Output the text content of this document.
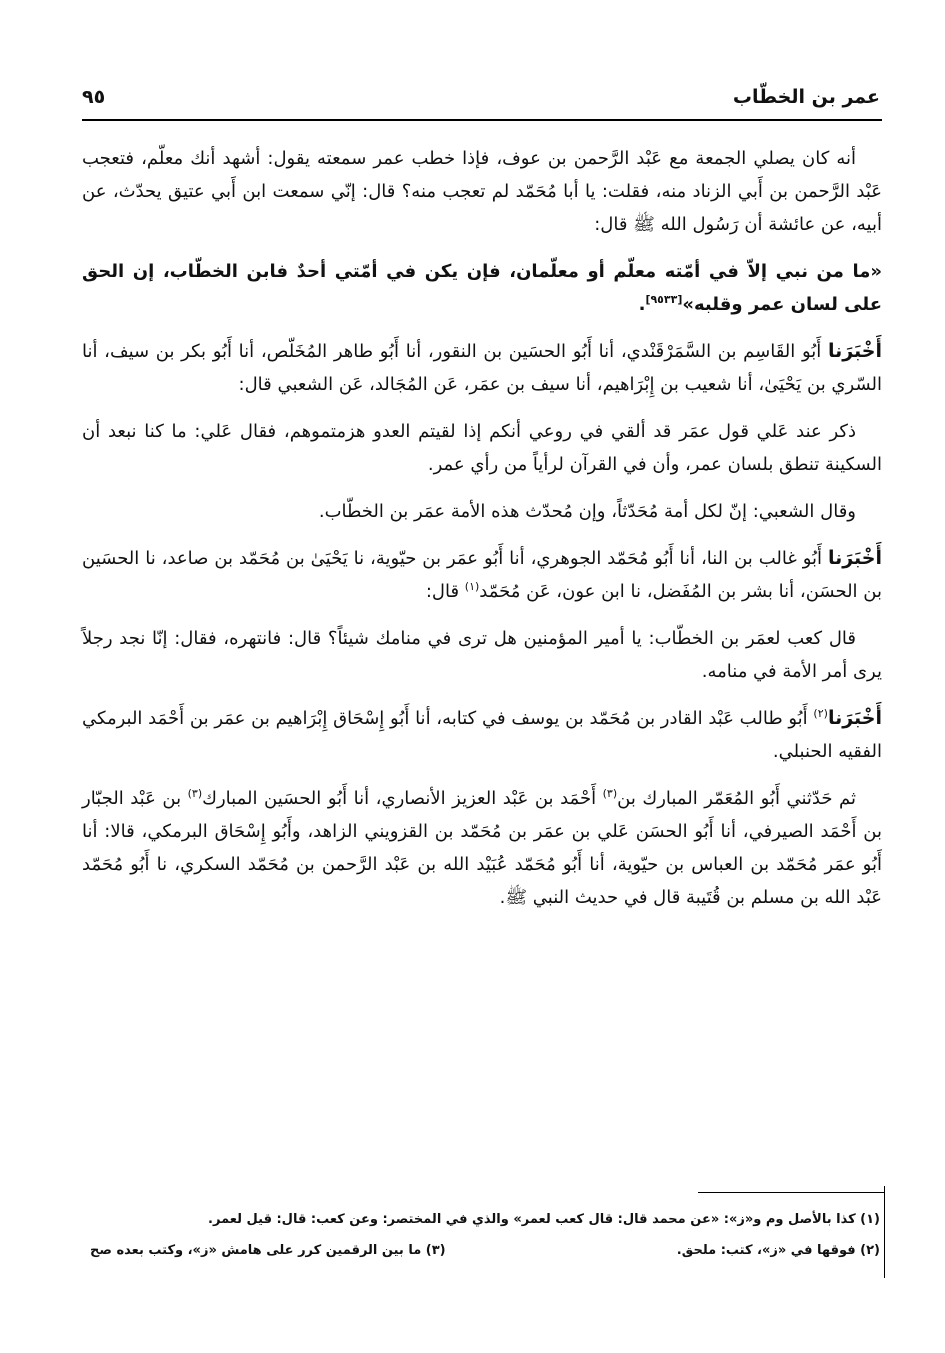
عمر بن الخطّاب
٩٥

أنه كان يصلي الجمعة مع عَبْد الرَّحمن بن عوف، فإذا خطب عمر سمعته يقول: أشهد أنك معلّم، فتعجب عَبْد الرَّحمن بن أَبي الزناد منه، فقلت: يا أبا مُحَمّد لم تعجب منه؟ قال: إنّي سمعت ابن أَبي عتيق يحدّث، عن أبيه، عن عائشة أن رَسُول الله ﷺ قال:

«ما من نبي إلاّ في أمّته معلّم أو معلّمان، فإن يكن في أمّتي أحدٌ فابن الخطّاب، إن الحق على لسان عمر وقلبه»[٩٥٣٣].

أَخْبَرَنا أَبُو القَاسِم بن السَّمَرْقَنْدي، أنا أَبُو الحسَين بن النقور، أنا أَبُو طاهر المُخَلّص، أنا أَبُو بكر بن سيف، أنا السّري بن يَحْيَىٰ، أنا شعيب بن إِبْرَاهيم، أنا سيف بن عمَر، عَن المُجَالد، عَن الشعبي قال:

ذكر عند عَلي قول عمَر قد ألقي في روعي أنكم إذا لقيتم العدو هزمتموهم، فقال عَلي: ما كنا نبعد أن السكينة تنطق بلسان عمر، وأن في القرآن لرأياً من رأي عمر.

وقال الشعبي: إنّ لكل أمة مُحَدّثاً، وإن مُحدّث هذه الأمة عمَر بن الخطّاب.

أَخْبَرَنا أَبُو غالب بن النا، أنا أَبُو مُحَمّد الجوهري، أنا أَبُو عمَر بن حيّوية، نا يَحْيَىٰ بن مُحَمّد بن صاعد، نا الحسَين بن الحسَن، أنا بشر بن المُفَضل، نا ابن عون، عَن مُحَمّد$^{(١)}$ قال:

قال كعب لعمَر بن الخطّاب: يا أمير المؤمنين هل ترى في منامك شيئاً؟ قال: فانتهره، فقال: إنّا نجد رجلاً يرى أمر الأمة في منامه.

أَخْبَرَنا$^{(٢)}$ أَبُو طالب عَبْد القادر بن مُحَمّد بن يوسف في كتابه، أنا أَبُو إِسْحَاق إِبْرَاهيم بن عمَر بن أَحْمَد البرمكي الفقيه الحنبلي.

ثم حَدّثني أَبُو المُعَمّر المبارك بن$^{(٣)}$ أَحْمَد بن عَبْد العزيز الأنصاري، أنا أَبُو الحسَين المبارك$^{(٣)}$ بن عَبْد الجبّار بن أَحْمَد الصيرفي، أنا أَبُو الحسَن عَلي بن عمَر بن مُحَمّد بن القزويني الزاهد، وأَبُو إِسْحَاق البرمكي، قالا: أنا أَبُو عمَر مُحَمّد بن العباس بن حيّوية، أنا أَبُو مُحَمّد عُبَيْد الله بن عَبْد الرَّحمن بن مُحَمّد السكري، نا أَبُو مُحَمّد عَبْد الله بن مسلم بن قُتَيبة قال في حديث النبي ﷺ.

(١) كذا بالأصل وم و«ز»: «عن محمد قال: قال كعب لعمر» والذي في المختصر: وعن كعب: قال: قيل لعمر.
(٢) فوقها في «ز»، كتب: ملحق.
(٣) ما بين الرقمين كرر على هامش «ز»، وكتب بعده صح
